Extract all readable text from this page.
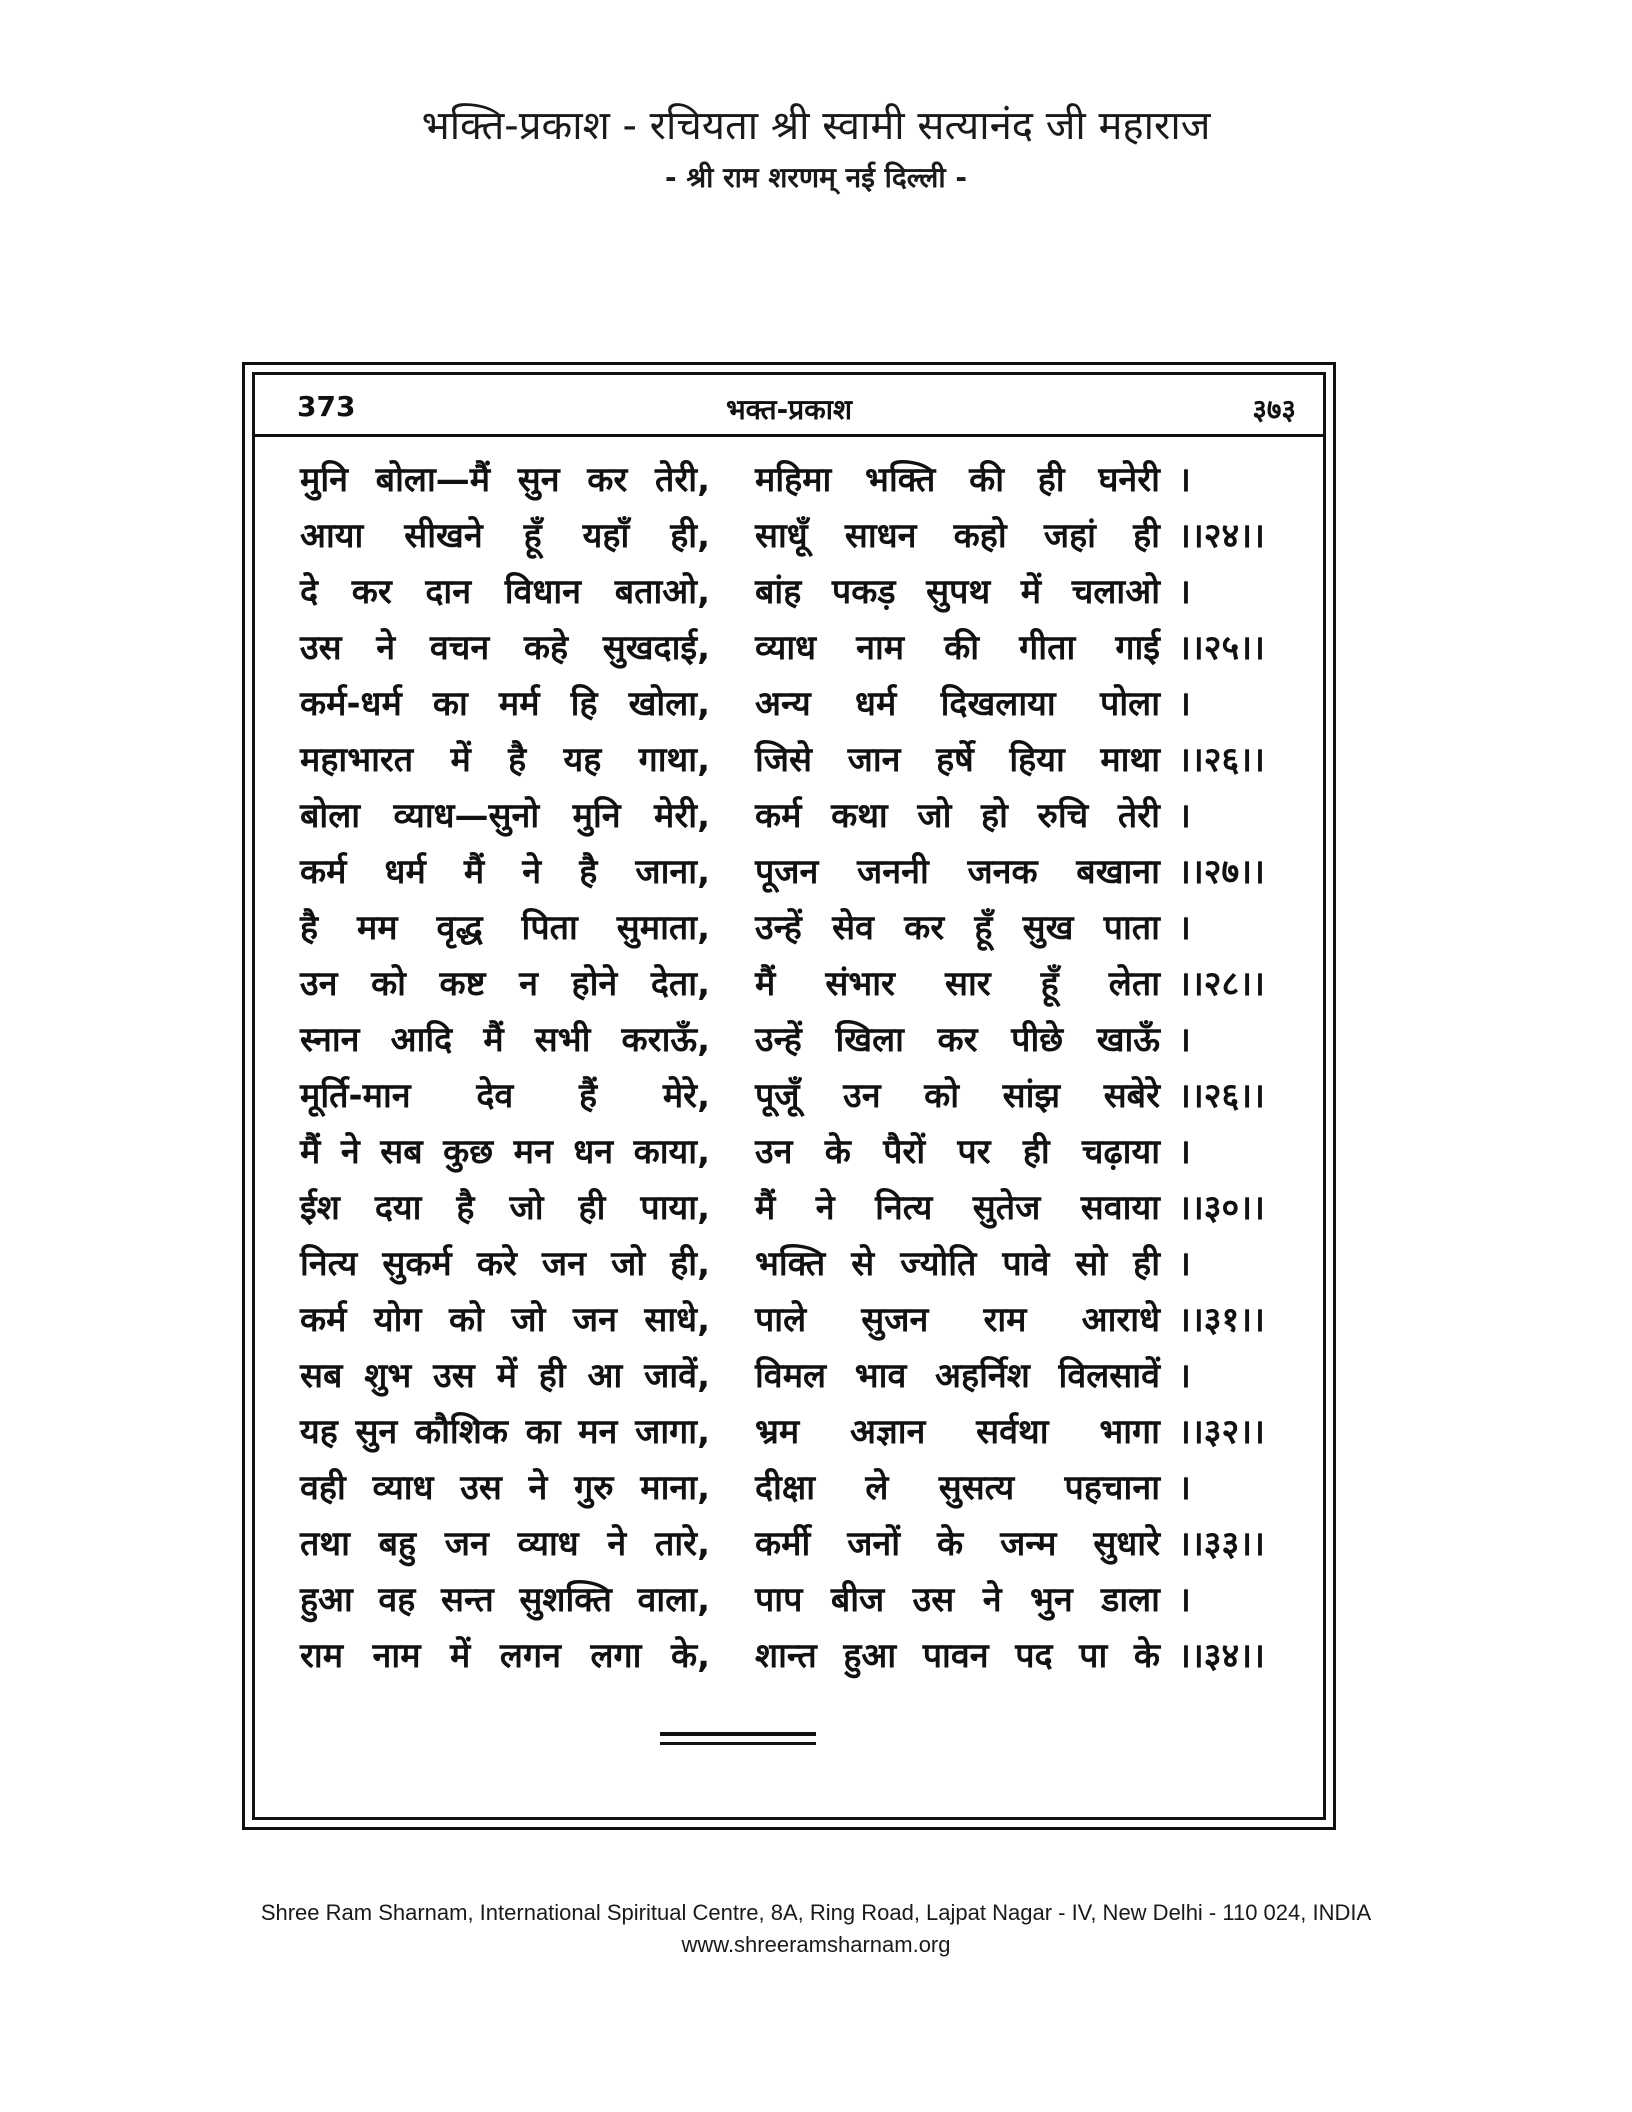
भक्ति-प्रकाश - रचियता श्री स्वामी सत्यानंद जी महाराज
- श्री राम शरणम् नई दिल्ली -
373	भक्त-प्रकाश	३७३
मुनि बोला—मैं सुन कर तेरी, महिमा भक्ति की ही घनेरी ।
आया सीखने हूँ यहाँ ही, साधूँ साधन कहो जहां ही ।।२४।।
दे कर दान विधान बताओ, बांह पकड़ सुपथ में चलाओ ।
उस ने वचन कहे सुखदाई, व्याध नाम की गीता गाई ।।२५।।
कर्म-धर्म का मर्म हि खोला, अन्य धर्म दिखलाया पोला ।
महाभारत में है यह गाथा, जिसे जान हर्षे हिया माथा ।।२६।।
बोला व्याध—सुनो मुनि मेरी, कर्म कथा जो हो रुचि तेरी ।
कर्म धर्म मैं ने है जाना, पूजन जननी जनक बखाना ।।२७।।
है मम वृद्ध पिता सुमाता, उन्हें सेव कर हूँ सुख पाता ।
उन को कष्ट न होने देता, मैं संभार सार हूँ लेता ।।२८।।
स्नान आदि मैं सभी कराऊँ, उन्हें खिला कर पीछे खाऊँ ।
मूर्ति-मान देव हैं मेरे, पूजूँ उन को सांझ सबेरे ।।२६।।
मैं ने सब कुछ मन धन काया, उन के पैरों पर ही चढ़ाया ।
ईश दया है जो ही पाया, मैं ने नित्य सुतेज सवाया ।।३०।।
नित्य सुकर्म करे जन जो ही, भक्ति से ज्योति पावे सो ही ।
कर्म योग को जो जन साधे, पाले सुजन राम आराधे ।।३१।।
सब शुभ उस में ही आ जावें, विमल भाव अहर्निश विलसावें ।
यह सुन कौशिक का मन जागा, भ्रम अज्ञान सर्वथा भागा ।।३२।।
वही व्याध उस ने गुरु माना, दीक्षा ले सुसत्य पहचाना ।
तथा बहु जन व्याध ने तारे, कर्मी जनों के जन्म सुधारे ।।३३।।
हुआ वह सन्त सुशक्ति वाला, पाप बीज उस ने भुन डाला ।
राम नाम में लगन लगा के, शान्त हुआ पावन पद पा के ।।३४।।
Shree Ram Sharnam, International Spiritual Centre, 8A, Ring Road, Lajpat Nagar - IV, New Delhi - 110 024, INDIA
www.shreeramsharnam.org
